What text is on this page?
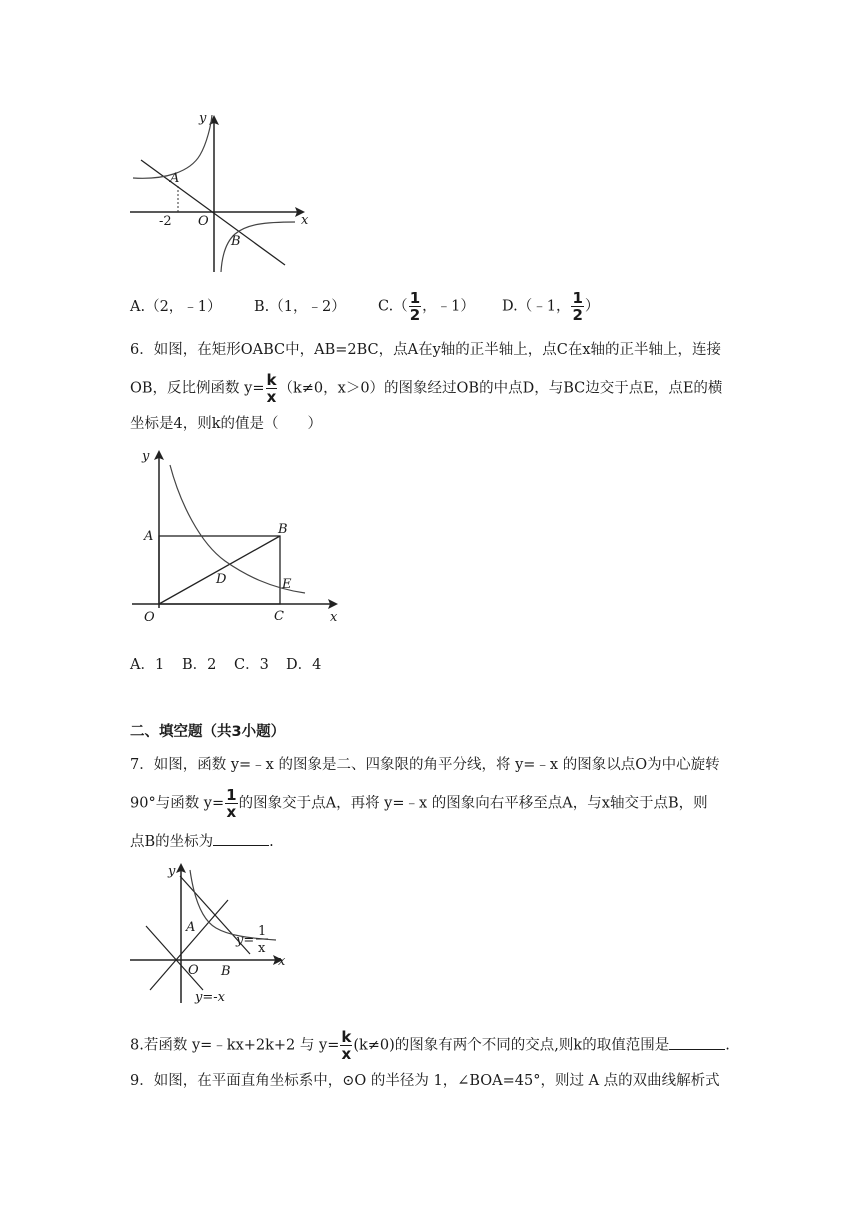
y
x
A
O
B
-2
A.（2，﹣1） B.（1，﹣2） $C.( \frac{1}{2}$ ，﹣1） D.（﹣1， $\frac{1}{2}$ ）
6．如图，在矩形OABC中，AB=2BC，点A在y轴的正半轴上，点C在x轴的正半轴上，连接
OB，反比例函数 $y= \frac{k}{x} (k\ne 0$，x＞0）的图象经过OB的中点D，与BC边交于点E，点E的横
坐标是4，则k的值是（　　）
y
x
A	B
D	E
O	C
A．1 B．2 C．3 D．4
二、填空题（共3小题）
7．如图，函数 y=﹣x 的图象是二、四象限的角平分线，将 y=﹣x 的图象以点O为中心旋转
90°与函数 $y= \frac{1}{x}$ 的图象交于点A，再将 y=﹣x 的图象向右平移至点A，与x轴交于点B，则
点B的坐标为	.
y
x
A
O B
y=
1
x
y=-x
8.若函数 y=﹣kx+2k+2 与 $y= \frac{k}{x} (k\ne 0)$的图象有两个不同的交点,则k的取值范围是	.
9．如图，在平面直角坐标系中，⊙O 的半径为 1，∠BOA=45°，则过 A 点的双曲线解析式
